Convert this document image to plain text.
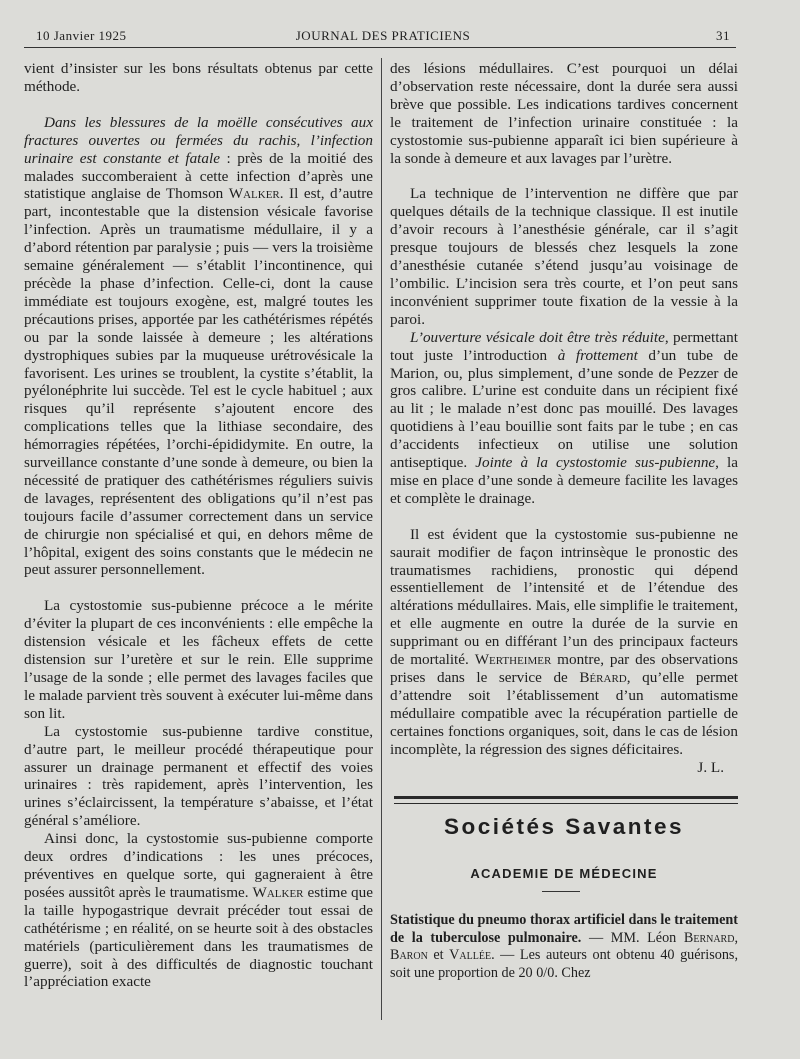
10 Janvier 1925	JOURNAL DES PRATICIENS	31

vient d’insister sur les bons résultats obtenus par cette méthode.

Dans les blessures de la moëlle consécutives aux fractures ouvertes ou fermées du rachis, l’infection urinaire est constante et fatale : près de la moitié des malades succomberaient à cette infection d’après une statistique anglaise de Thomson Walker. Il est, d’autre part, incontestable que la distension vésicale favorise l’infection. Après un traumatisme médullaire, il y a d’abord rétention par paralysie ; puis — vers la troisième semaine généralement — s’établit l’incontinence, qui précède la phase d’infection. Celle-ci, dont la cause immédiate est toujours exogène, est, malgré toutes les précautions prises, apportée par les cathétérismes répétés ou par la sonde laissée à demeure ; les altérations dystrophiques subies par la muqueuse urétrovésicale la favorisent. Les urines se troublent, la cystite s’établit, la pyélonéphrite lui succède. Tel est le cycle habituel ; aux risques qu’il représente s’ajoutent encore des complications telles que la lithiase secondaire, des hémorragies répétées, l’orchi-épididymite. En outre, la surveillance constante d’une sonde à demeure, ou bien la nécessité de pratiquer des cathétérismes réguliers suivis de lavages, représentent des obligations qu’il n’est pas toujours facile d’assumer correctement dans un service de chirurgie non spécialisé et qui, en dehors même de l’hôpital, exigent des soins constants que le médecin ne peut assurer personnellement.

La cystostomie sus-pubienne précoce a le mérite d’éviter la plupart de ces inconvénients : elle empêche la distension vésicale et les fâcheux effets de cette distension sur l’uretère et sur le rein. Elle supprime l’usage de la sonde ; elle permet des lavages faciles que le malade parvient très souvent à exécuter lui-même dans son lit.

La cystostomie sus-pubienne tardive constitue, d’autre part, le meilleur procédé thérapeutique pour assurer un drainage permanent et effectif des voies urinaires : très rapidement, après l’intervention, les urines s’éclaircissent, la température s’abaisse, et l’état général s’améliore.

Ainsi donc, la cystostomie sus-pubienne comporte deux ordres d’indications : les unes précoces, préventives en quelque sorte, qui gagneraient à être posées aussitôt après le traumatisme. Walker estime que la taille hypogastrique devrait précéder tout essai de cathétérisme ; en réalité, on se heurte soit à des obstacles matériels (particulièrement dans les traumatismes de guerre), soit à des difficultés de diagnostic touchant l’appréciation exacte

des lésions médullaires. C’est pourquoi un délai d’observation reste nécessaire, dont la durée sera aussi brève que possible. Les indications tardives concernent le traitement de l’infection urinaire constituée : la cystostomie sus-pubienne apparaît ici bien supérieure à la sonde à demeure et aux lavages par l’urètre.

La technique de l’intervention ne diffère que par quelques détails de la technique classique. Il est inutile d’avoir recours à l’anesthésie générale, car il s’agit presque toujours de blessés chez lesquels la zone d’anesthésie cutanée s’étend jusqu’au voisinage de l’ombilic. L’incision sera très courte, et l’on peut sans inconvénient supprimer toute fixation de la vessie à la paroi.

L’ouverture vésicale doit être très réduite, permettant tout juste l’introduction à frottement d’un tube de Marion, ou, plus simplement, d’une sonde de Pezzer de gros calibre. L’urine est conduite dans un récipient fixé au lit ; le malade n’est donc pas mouillé. Des lavages quotidiens à l’eau bouillie sont faits par le tube ; en cas d’accidents infectieux on utilise une solution antiseptique. Jointe à la cystostomie sus-pubienne, la mise en place d’une sonde à demeure facilite les lavages et complète le drainage.

Il est évident que la cystostomie sus-pubienne ne saurait modifier de façon intrinsèque le pronostic des traumatismes rachidiens, pronostic qui dépend essentiellement de l’intensité et de l’étendue des altérations médullaires. Mais, elle simplifie le traitement, et elle augmente en outre la durée de la survie en supprimant ou en différant l’un des principaux facteurs de mortalité. Wertheimer montre, par des observations prises dans le service de Bérard, qu’elle permet d’attendre soit l’établissement d’un automatisme médullaire compatible avec la récupération partielle de certaines fonctions organiques, soit, dans le cas de lésion incomplète, la régression des signes déficitaires.

J. L.

Sociétés Savantes
ACADEMIE DE MÉDECINE
Statistique du pneumo thorax artificiel dans le traitement de la tuberculose pulmonaire. — MM. Léon Bernard, Baron et Vallée. — Les auteurs ont obtenu 40 guérisons, soit une proportion de 20 0/0. Chez
